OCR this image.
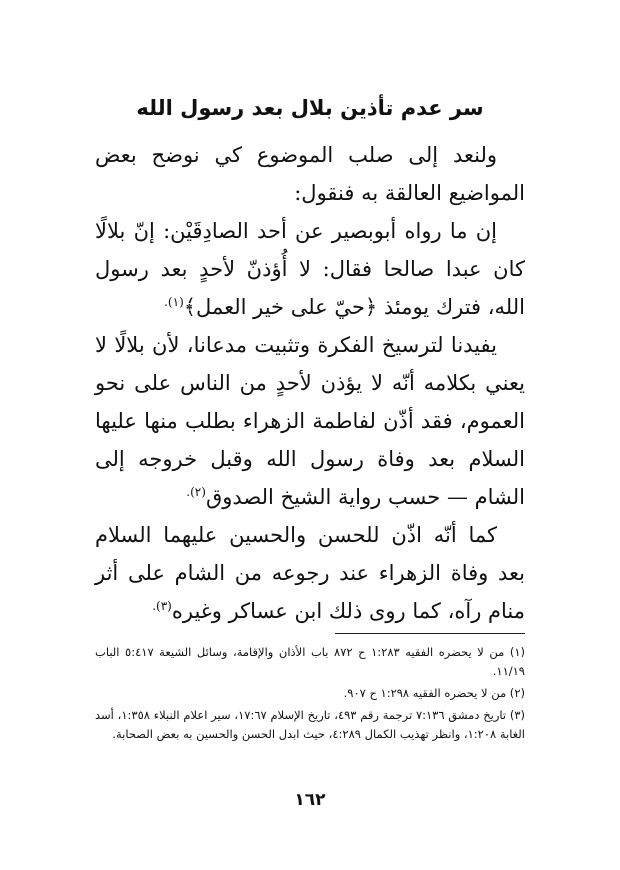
سر عدم تأذين بلال بعد رسول الله

ولنعد إلى صلب الموضوع كي نوضح بعض المواضيع العالقة به فنقول:

إن ما رواه أبوبصير عن أحد الصادِقَيْن: إنّ بلالًا كان عبدا صالحا فقال: لا أُؤذنّ لأحدٍ بعد رسول الله، فترك يومئذ ﴿حيّ على خير العمل﴾$^{(١).}$

يفيدنا لترسيخ الفكرة وتثبيت مدعانا، لأن بلالًا لا يعني بكلامه أنّه لا يؤذن لأحدٍ من الناس على نحو العموم، فقد أذّن لفاطمة الزهراء بطلب منها عليها السلام بعد وفاة رسول الله وقبل خروجه إلى الشام — حسب رواية الشيخ الصدوق$^{(٢).}$

كما أنّه اذّن للحسن والحسين عليهما السلام بعد وفاة الزهراء عند رجوعه من الشام على أثر منام رآه، كما روى ذلك ابن عساكر وغيره$^{(٣).}$

(١) من لا يحضره الفقيه ١:٢٨٣ ح ٨٧٢ باب الأذان والإقامة، وسائل الشيعة ٥:٤١٧ الباب ١١/١٩.

(٢) من لا يحضره الفقيه ١:٢٩٨ ح ٩٠٧.

(٣) تاريخ دمشق ٧:١٣٦ ترجمة رقم ٤٩٣، تاريخ الإسلام ١٧:٦٧، سير اعلام النبلاء ١:٣٥٨، أسد الغابة ١:٢٠٨، وانظر تهذيب الكمال ٤:٢٨٩، حيث ابدل الحسن والحسين به بعض الصحابة.

١٦٢
